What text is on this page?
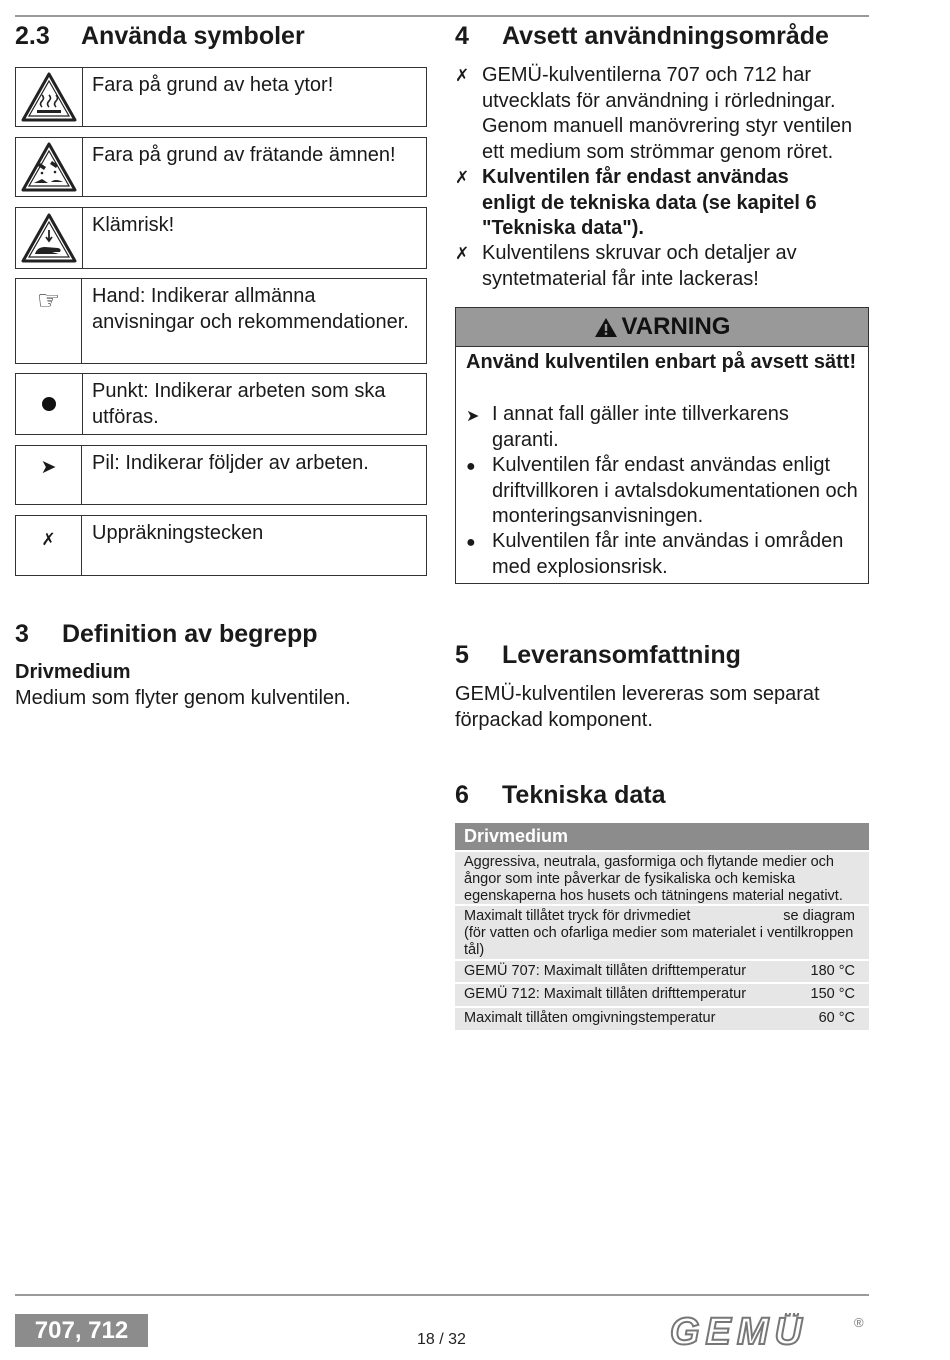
2.3 Använda symboler
Fara på grund av heta ytor!
Fara på grund av frätande ämnen!
Klämrisk!
☞ Hand: Indikerar allmänna anvisningar och rekommendationer.
Punkt: Indikerar arbeten som ska utföras.
➤ Pil: Indikerar följder av arbeten.
✗ Uppräkningstecken
3 Definition av begrepp
Drivmedium
Medium som flyter genom kulventilen.
4 Avsett användningsområde
✗ GEMÜ-kulventilerna 707 och 712 har utvecklats för användning i rörledningar. Genom manuell manövrering styr ventilen ett medium som strömmar genom röret.
✗ Kulventilen får endast användas enligt de tekniska data (se kapitel 6 "Tekniska data").
✗ Kulventilens skruvar och detaljer av syntetmaterial får inte lackeras!
VARNING
Använd kulventilen enbart på avsett sätt!
➤ I annat fall gäller inte tillverkarens garanti.
● Kulventilen får endast användas enligt driftvillkoren i avtalsdokumentationen och monteringsanvisningen.
● Kulventilen får inte användas i områden med explosionsrisk.
5 Leveransomfattning
GEMÜ-kulventilen levereras som separat förpackad komponent.
6 Tekniska data
Drivmedium
Aggressiva, neutrala, gasformiga och flytande medier och ångor som inte påverkar de fysikaliska och kemiska egenskaperna hos husets och tätningens material negativt.
Maximalt tillåtet tryck för drivmediet	se diagram
(för vatten och ofarliga medier som materialet i ventilkroppen tål)
GEMÜ 707: Maximalt tillåten drifttemperatur	180 °C
GEMÜ 712: Maximalt tillåten drifttemperatur	150 °C
Maximalt tillåten omgivningstemperatur	60 °C
707, 712	18 / 32	GEMÜ	®
